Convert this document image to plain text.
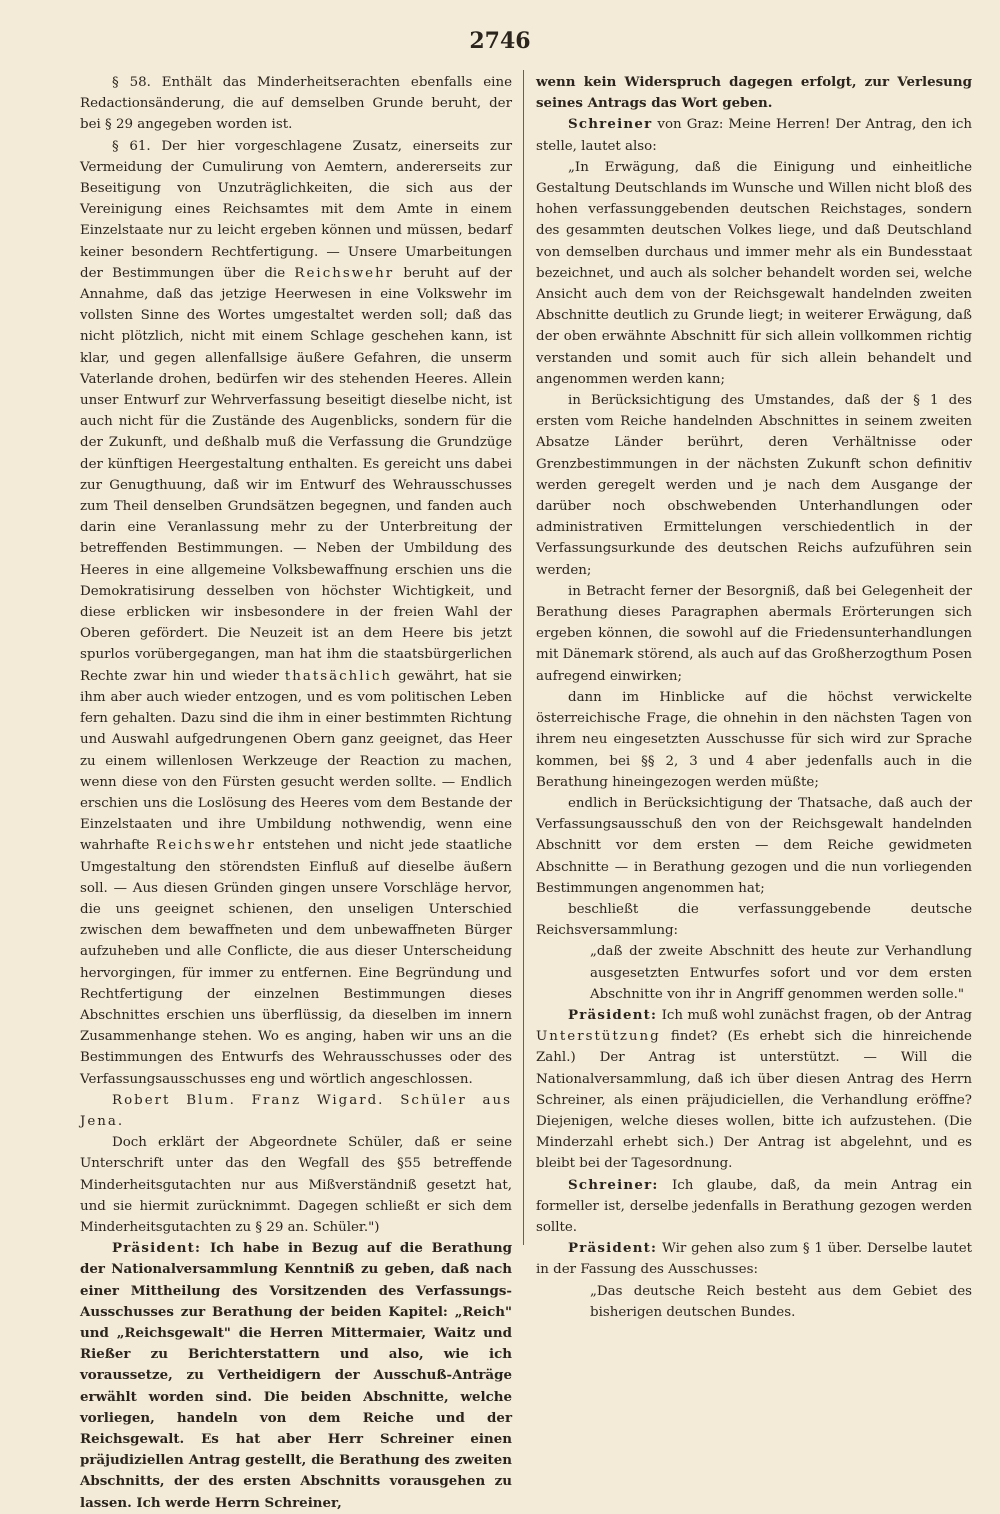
2746

§ 58. Enthält das Minderheitserachten ebenfalls eine Redactionsänderung, die auf demselben Grunde beruht, der bei § 29 angegeben worden ist.

§ 61. Der hier vorgeschlagene Zusatz, einerseits zur Vermeidung der Cumulirung von Aemtern, andererseits zur Beseitigung von Unzuträglichkeiten, die sich aus der Vereinigung eines Reichsamtes mit dem Amte in einem Einzelstaate nur zu leicht ergeben können und müssen, bedarf keiner besondern Rechtfertigung. — Unsere Umarbeitungen der Bestimmungen über die Reichswehr beruht auf der Annahme, daß das jetzige Heerwesen in eine Volkswehr im vollsten Sinne des Wortes umgestaltet werden soll; daß das nicht plötzlich, nicht mit einem Schlage geschehen kann, ist klar, und gegen allenfallsige äußere Gefahren, die unserm Vaterlande drohen, bedürfen wir des stehenden Heeres. Allein unser Entwurf zur Wehrverfassung beseitigt dieselbe nicht, ist auch nicht für die Zustände des Augenblicks, sondern für die der Zukunft, und deßhalb muß die Verfassung die Grundzüge der künftigen Heergestaltung enthalten. Es gereicht uns dabei zur Genugthuung, daß wir im Entwurf des Wehrausschusses zum Theil denselben Grundsätzen begegnen, und fanden auch darin eine Veranlassung mehr zu der Unterbreitung der betreffenden Bestimmungen. — Neben der Umbildung des Heeres in eine allgemeine Volksbewaffnung erschien uns die Demokratisirung desselben von höchster Wichtigkeit, und diese erblicken wir insbesondere in der freien Wahl der Oberen gefördert. Die Neuzeit ist an dem Heere bis jetzt spurlos vorübergegangen, man hat ihm die staatsbürgerlichen Rechte zwar hin und wieder thatsächlich gewährt, hat sie ihm aber auch wieder entzogen, und es vom politischen Leben fern gehalten. Dazu sind die ihm in einer bestimmten Richtung und Auswahl aufgedrungenen Obern ganz geeignet, das Heer zu einem willenlosen Werkzeuge der Reaction zu machen, wenn diese von den Fürsten gesucht werden sollte. — Endlich erschien uns die Loslösung des Heeres vom dem Bestande der Einzelstaaten und ihre Umbildung nothwendig, wenn eine wahrhafte Reichswehr entstehen und nicht jede staatliche Umgestaltung den störendsten Einfluß auf dieselbe äußern soll. — Aus diesen Gründen gingen unsere Vorschläge hervor, die uns geeignet schienen, den unseligen Unterschied zwischen dem bewaffneten und dem unbewaffneten Bürger aufzuheben und alle Conflicte, die aus dieser Unterscheidung hervorgingen, für immer zu entfernen. Eine Begründung und Rechtfertigung der einzelnen Bestimmungen dieses Abschnittes erschien uns überflüssig, da dieselben im innern Zusammenhange stehen. Wo es anging, haben wir uns an die Bestimmungen des Entwurfs des Wehrausschusses oder des Verfassungsausschusses eng und wörtlich angeschlossen.

Robert Blum. Franz Wigard. Schüler aus Jena.

Doch erklärt der Abgeordnete Schüler, daß er seine Unterschrift unter das den Wegfall des §55 betreffende Minderheitsgutachten nur aus Mißverständniß gesetzt hat, und sie hiermit zurücknimmt. Dagegen schließt er sich dem Minderheitsgutachten zu § 29 an. Schüler.")

Präsident: Ich habe in Bezug auf die Berathung der Nationalversammlung Kenntniß zu geben, daß nach einer Mittheilung des Vorsitzenden des Verfassungs-Ausschusses zur Berathung der beiden Kapitel: „Reich" und „Reichsgewalt" die Herren Mittermaier, Waitz und Rießer zu Berichterstattern und also, wie ich voraussetze, zu Vertheidigern der Ausschuß-Anträge erwählt worden sind. Die beiden Abschnitte, welche vorliegen, handeln von dem Reiche und der Reichsgewalt. Es hat aber Herr Schreiner einen präjudiziellen Antrag gestellt, die Berathung des zweiten Abschnitts, der des ersten Abschnitts vorausgehen zu lassen. Ich werde Herrn Schreiner,

wenn kein Widerspruch dagegen erfolgt, zur Verlesung seines Antrags das Wort geben.

Schreiner von Graz: Meine Herren! Der Antrag, den ich stelle, lautet also:

„In Erwägung, daß die Einigung und einheitliche Gestaltung Deutschlands im Wunsche und Willen nicht bloß des hohen verfassunggebenden deutschen Reichstages, sondern des gesammten deutschen Volkes liege, und daß Deutschland von demselben durchaus und immer mehr als ein Bundesstaat bezeichnet, und auch als solcher behandelt worden sei, welche Ansicht auch dem von der Reichsgewalt handelnden zweiten Abschnitte deutlich zu Grunde liegt; in weiterer Erwägung, daß der oben erwähnte Abschnitt für sich allein vollkommen richtig verstanden und somit auch für sich allein behandelt und angenommen werden kann;

in Berücksichtigung des Umstandes, daß der § 1 des ersten vom Reiche handelnden Abschnittes in seinem zweiten Absatze Länder berührt, deren Verhältnisse oder Grenzbestimmungen in der nächsten Zukunft schon definitiv werden geregelt werden und je nach dem Ausgange der darüber noch obschwebenden Unterhandlungen oder administrativen Ermittelungen verschiedentlich in der Verfassungsurkunde des deutschen Reichs aufzuführen sein werden;

in Betracht ferner der Besorgniß, daß bei Gelegenheit der Berathung dieses Paragraphen abermals Erörterungen sich ergeben können, die sowohl auf die Friedensunterhandlungen mit Dänemark störend, als auch auf das Großherzogthum Posen aufregend einwirken;

dann im Hinblicke auf die höchst verwickelte österreichische Frage, die ohnehin in den nächsten Tagen von ihrem neu eingesetzten Ausschusse für sich wird zur Sprache kommen, bei §§ 2, 3 und 4 aber jedenfalls auch in die Berathung hineingezogen werden müßte;

endlich in Berücksichtigung der Thatsache, daß auch der Verfassungsausschuß den von der Reichsgewalt handelnden Abschnitt vor dem ersten — dem Reiche gewidmeten Abschnitte — in Berathung gezogen und die nun vorliegenden Bestimmungen angenommen hat;

beschließt die verfassunggebende deutsche Reichsversammlung:

„daß der zweite Abschnitt des heute zur Verhandlung ausgesetzten Entwurfes sofort und vor dem ersten Abschnitte von ihr in Angriff genommen werden solle."

Präsident: Ich muß wohl zunächst fragen, ob der Antrag Unterstützung findet? (Es erhebt sich die hinreichende Zahl.) Der Antrag ist unterstützt. — Will die Nationalversammlung, daß ich über diesen Antrag des Herrn Schreiner, als einen präjudiciellen, die Verhandlung eröffne? Diejenigen, welche dieses wollen, bitte ich aufzustehen. (Die Minderzahl erhebt sich.) Der Antrag ist abgelehnt, und es bleibt bei der Tagesordnung.

Schreiner: Ich glaube, daß, da mein Antrag ein formeller ist, derselbe jedenfalls in Berathung gezogen werden sollte.

Präsident: Wir gehen also zum § 1 über. Derselbe lautet in der Fassung des Ausschusses:

„Das deutsche Reich besteht aus dem Gebiet des bisherigen deutschen Bundes.
